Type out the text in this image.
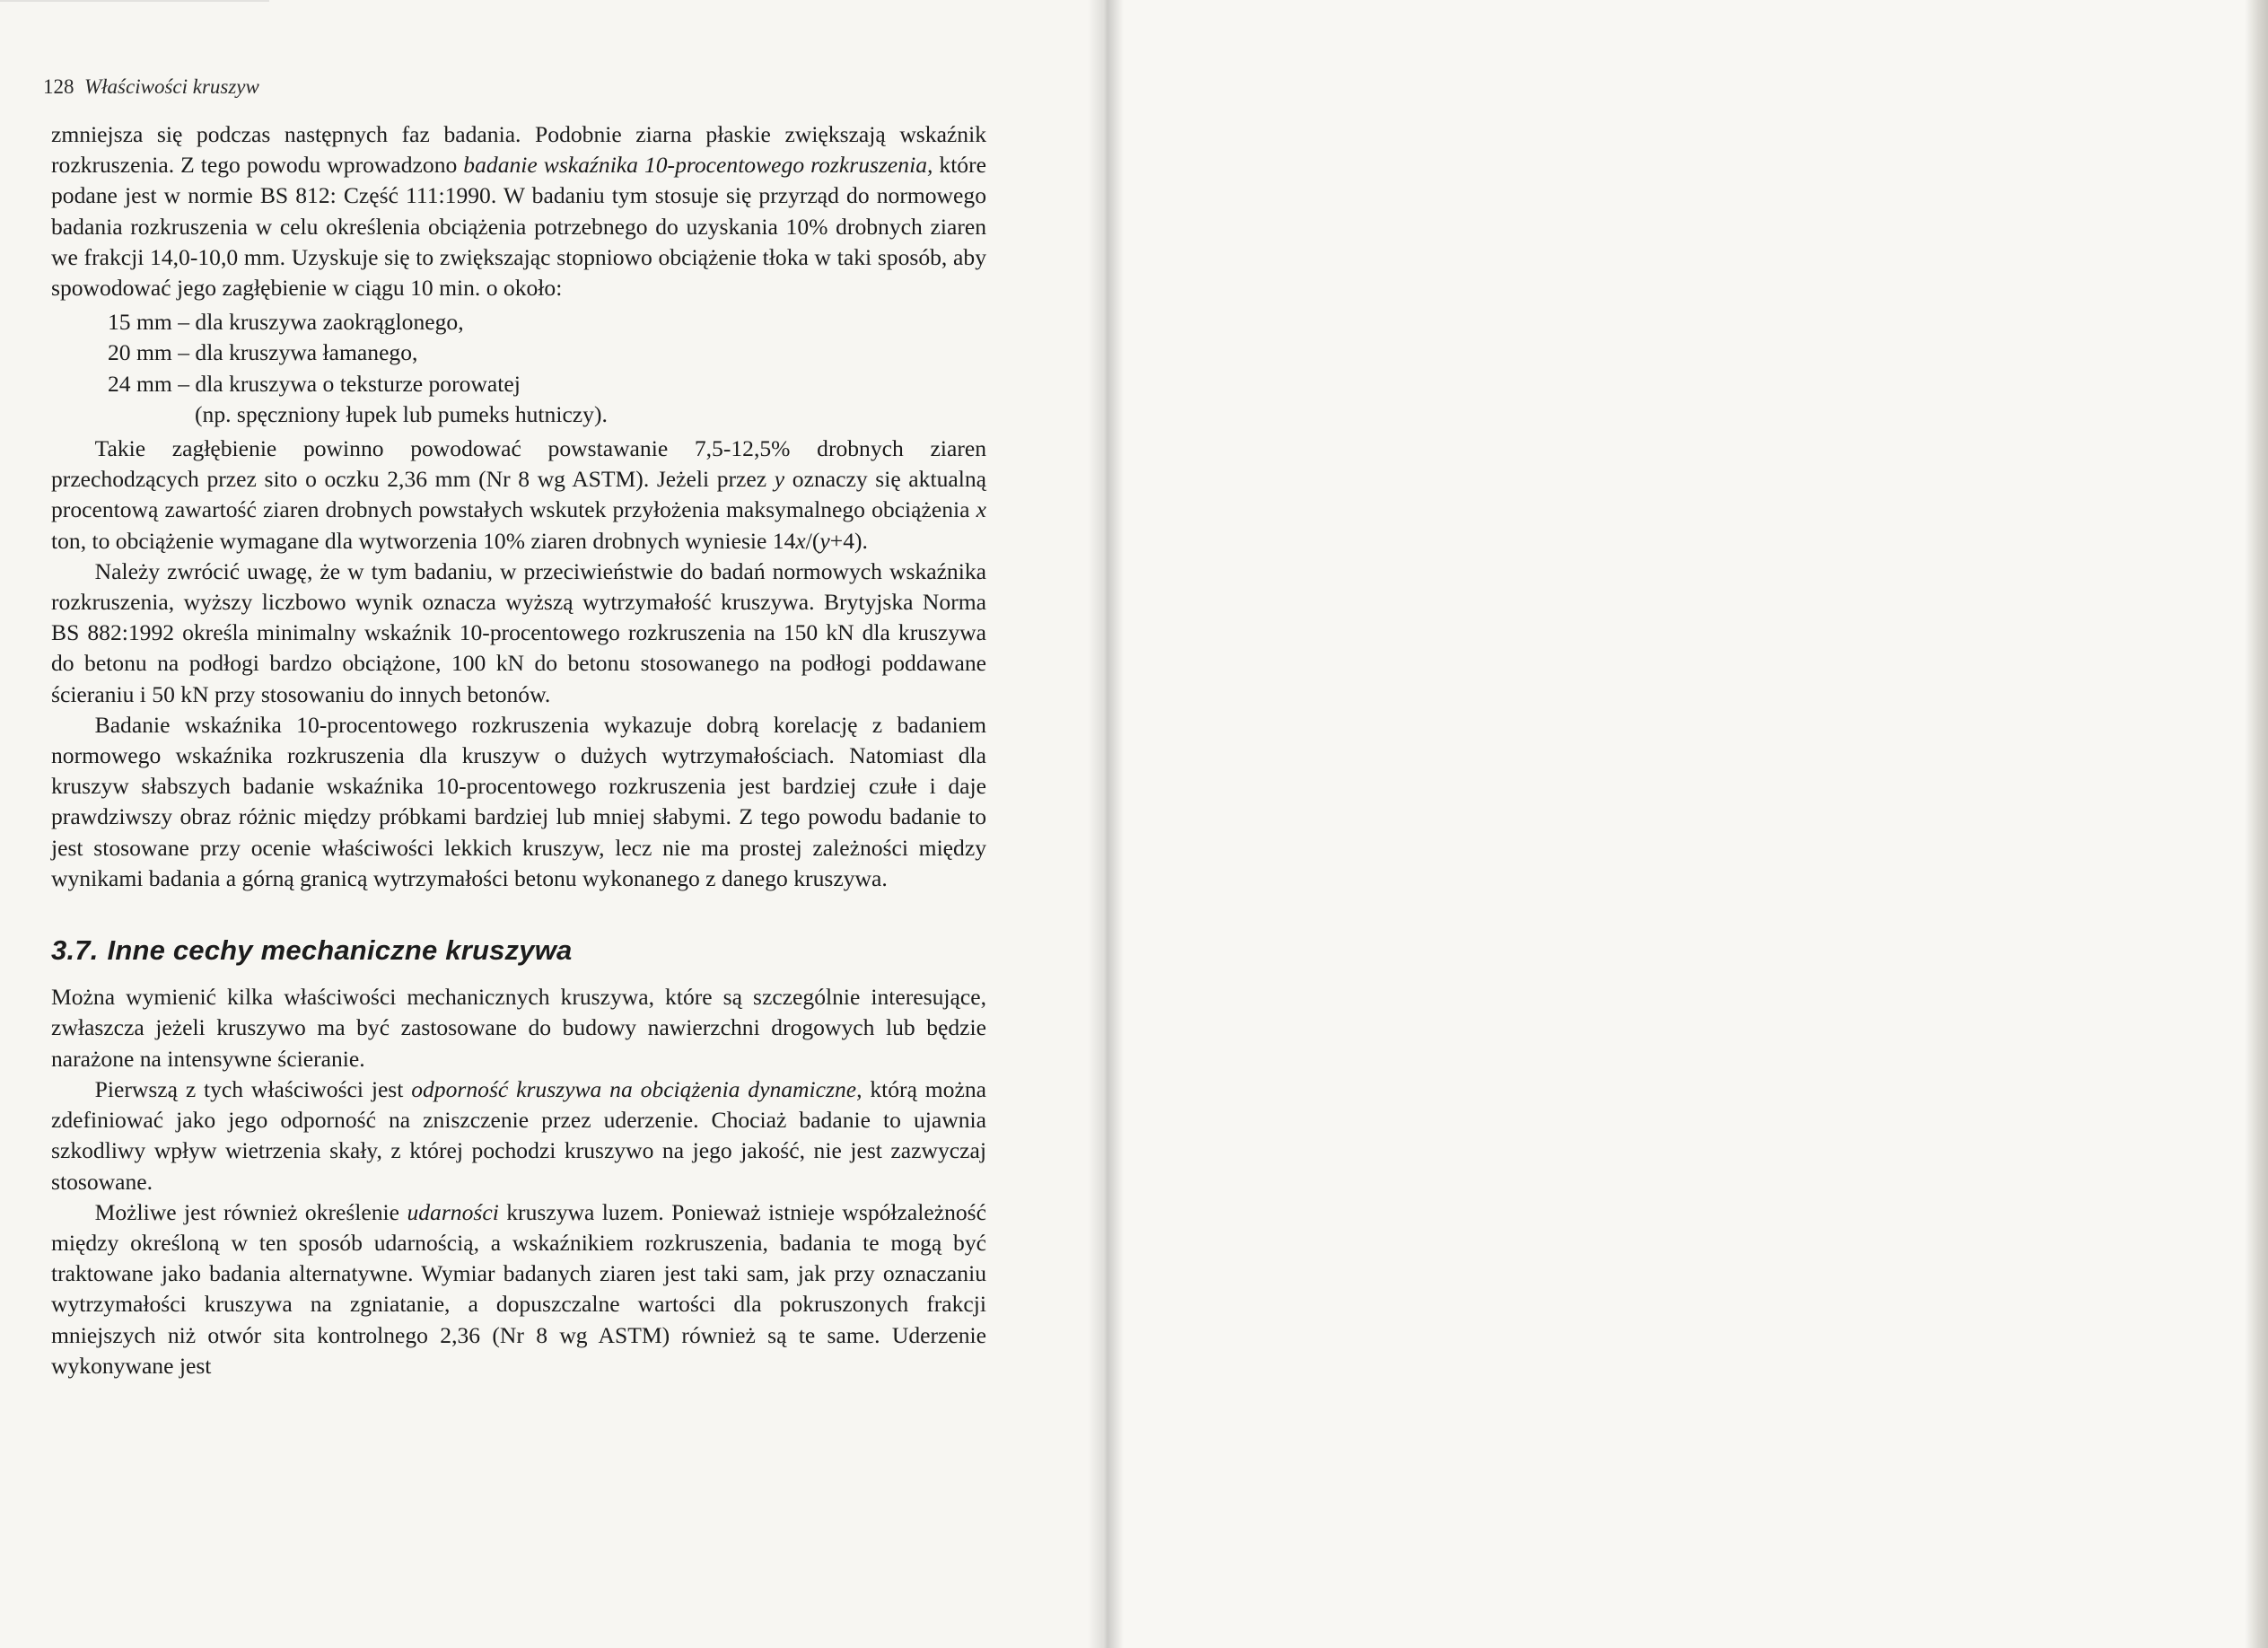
128 Właściwości kruszyw

zmniejsza się podczas następnych faz badania. Podobnie ziarna płaskie zwiększają wskaźnik rozkruszenia. Z tego powodu wprowadzono badanie wskaźnika 10-procentowego rozkruszenia, które podane jest w normie BS 812: Część 111:1990. W badaniu tym stosuje się przyrząd do normowego badania rozkruszenia w celu określenia obciążenia potrzebnego do uzyskania 10% drobnych ziaren we frakcji 14,0-10,0 mm. Uzyskuje się to zwiększając stopniowo obciążenie tłoka w taki sposób, aby spowodować jego zagłębienie w ciągu 10 min. o około:

15 mm – dla kruszywa zaokrąglonego,
20 mm – dla kruszywa łamanego,
24 mm – dla kruszywa o teksturze porowatej
(np. spęczniony łupek lub pumeks hutniczy).

Takie zagłębienie powinno powodować powstawanie 7,5-12,5% drobnych ziaren przechodzących przez sito o oczku 2,36 mm (Nr 8 wg ASTM). Jeżeli przez y oznaczy się aktualną procentową zawartość ziaren drobnych powstałych wskutek przyłożenia maksymalnego obciążenia x ton, to obciążenie wymagane dla wytworzenia 10% ziaren drobnych wyniesie 14x/(y+4).

Należy zwrócić uwagę, że w tym badaniu, w przeciwieństwie do badań normowych wskaźnika rozkruszenia, wyższy liczbowo wynik oznacza wyższą wytrzymałość kruszywa. Brytyjska Norma BS 882:1992 określa minimalny wskaźnik 10-procentowego rozkruszenia na 150 kN dla kruszywa do betonu na podłogi bardzo obciążone, 100 kN do betonu stosowanego na podłogi poddawane ścieraniu i 50 kN przy stosowaniu do innych betonów.

Badanie wskaźnika 10-procentowego rozkruszenia wykazuje dobrą korelację z badaniem normowego wskaźnika rozkruszenia dla kruszyw o dużych wytrzymałościach. Natomiast dla kruszyw słabszych badanie wskaźnika 10-procentowego rozkruszenia jest bardziej czułe i daje prawdziwszy obraz różnic między próbkami bardziej lub mniej słabymi. Z tego powodu badanie to jest stosowane przy ocenie właściwości lekkich kruszyw, lecz nie ma prostej zależności między wynikami badania a górną granicą wytrzymałości betonu wykonanego z danego kruszywa.

3.7. Inne cechy mechaniczne kruszywa

Można wymienić kilka właściwości mechanicznych kruszywa, które są szczególnie interesujące, zwłaszcza jeżeli kruszywo ma być zastosowane do budowy nawierzchni drogowych lub będzie narażone na intensywne ścieranie.

Pierwszą z tych właściwości jest odporność kruszywa na obciążenia dynamiczne, którą można zdefiniować jako jego odporność na zniszczenie przez uderzenie. Chociaż badanie to ujawnia szkodliwy wpływ wietrzenia skały, z której pochodzi kruszywo na jego jakość, nie jest zazwyczaj stosowane.

Możliwe jest również określenie udarności kruszywa luzem. Ponieważ istnieje współzależność między określoną w ten sposób udarnością, a wskaźnikiem rozkruszenia, badania te mogą być traktowane jako badania alternatywne. Wymiar badanych ziaren jest taki sam, jak przy oznaczaniu wytrzymałości kruszywa na zgniatanie, a dopuszczalne wartości dla pokruszonych frakcji mniejszych niż otwór sita kontrolnego 2,36 (Nr 8 wg ASTM) również są te same. Uderzenie wykonywane jest
